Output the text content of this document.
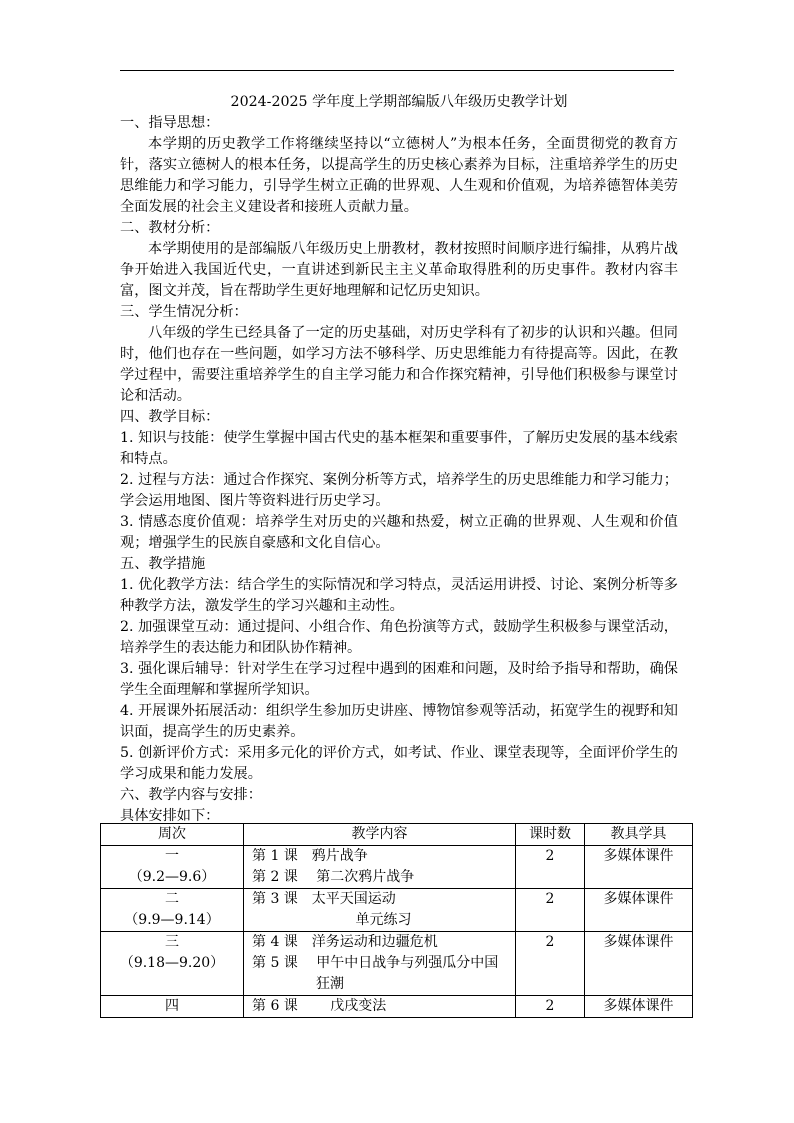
2024-2025 学年度上学期部编版八年级历史教学计划

一、指导思想：

本学期的历史教学工作将继续坚持以“立德树人”为根本任务，全面贯彻党的教育方针，落实立德树人的根本任务，以提高学生的历史核心素养为目标，注重培养学生的历史思维能力和学习能力，引导学生树立正确的世界观、人生观和价值观，为培养德智体美劳全面发展的社会主义建设者和接班人贡献力量。

二、教材分析：

本学期使用的是部编版八年级历史上册教材，教材按照时间顺序进行编排，从鸦片战争开始进入我国近代史，一直讲述到新民主主义革命取得胜利的历史事件。教材内容丰富，图文并茂，旨在帮助学生更好地理解和记忆历史知识。

三、学生情况分析：

八年级的学生已经具备了一定的历史基础，对历史学科有了初步的认识和兴趣。但同时，他们也存在一些问题，如学习方法不够科学、历史思维能力有待提高等。因此，在教学过程中，需要注重培养学生的自主学习能力和合作探究精神，引导他们积极参与课堂讨论和活动。

四、教学目标：

1. 知识与技能：使学生掌握中国古代史的基本框架和重要事件，了解历史发展的基本线索和特点。

2. 过程与方法：通过合作探究、案例分析等方式，培养学生的历史思维能力和学习能力；学会运用地图、图片等资料进行历史学习。

3. 情感态度价值观：培养学生对历史的兴趣和热爱，树立正确的世界观、人生观和价值观；增强学生的民族自豪感和文化自信心。

五、教学措施

1. 优化教学方法：结合学生的实际情况和学习特点，灵活运用讲授、讨论、案例分析等多种教学方法，激发学生的学习兴趣和主动性。

2. 加强课堂互动：通过提问、小组合作、角色扮演等方式，鼓励学生积极参与课堂活动，培养学生的表达能力和团队协作精神。

3. 强化课后辅导：针对学生在学习过程中遇到的困难和问题，及时给予指导和帮助，确保学生全面理解和掌握所学知识。

4. 开展课外拓展活动：组织学生参加历史讲座、博物馆参观等活动，拓宽学生的视野和知识面，提高学生的历史素养。

5. 创新评价方式：采用多元化的评价方式，如考试、作业、课堂表现等，全面评价学生的学习成果和能力发展。

六、教学内容与安排：

具体安排如下：

周次	教学内容	课时数	教具学具

一
（9.2—9.6）	第 1 课　鸦片战争
第 2 课　 第二次鸦片战争	2	多媒体课件

二
（9.9—9.14）	第 3 课　太平天国运动
单元练习	2	多媒体课件

三
（9.18—9.20）	第 4 课　洋务运动和边疆危机
第 5 课　 甲午中日战争与列强瓜分中国
狂潮	2	多媒体课件

四	第 6 课　　 戊戌变法	2	多媒体课件
